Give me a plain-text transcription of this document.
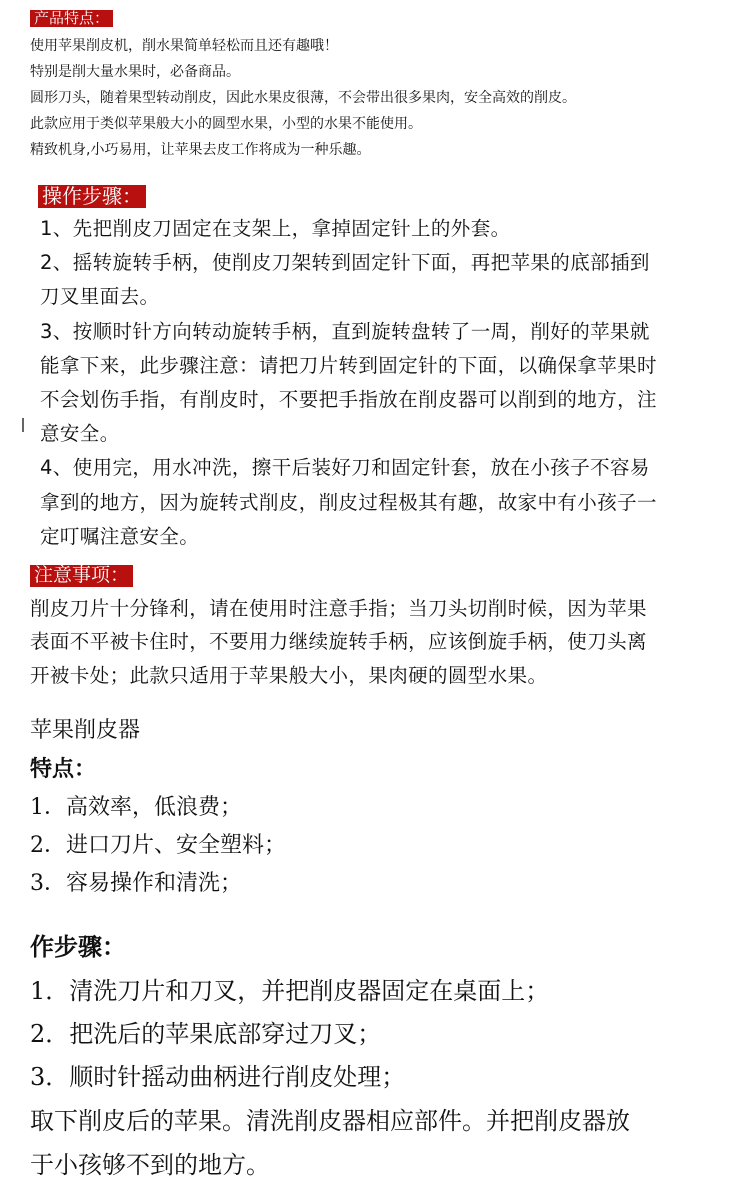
产品特点：
使用苹果削皮机，削水果简单轻松而且还有趣哦！
特别是削大量水果时，必备商品。
圆形刀头，随着果型转动削皮，因此水果皮很薄，不会带出很多果肉，安全高效的削皮。
此款应用于类似苹果般大小的圆型水果，小型的水果不能使用。
精致机身,小巧易用，让苹果去皮工作将成为一种乐趣。
操作步骤：
1、先把削皮刀固定在支架上，拿掉固定针上的外套。
2、摇转旋转手柄，使削皮刀架转到固定针下面，再把苹果的底部插到
刀叉里面去。
3、按顺时针方向转动旋转手柄，直到旋转盘转了一周，削好的苹果就
能拿下来，此步骤注意：请把刀片转到固定针的下面，以确保拿苹果时
不会划伤手指，有削皮时，不要把手指放在削皮器可以削到的地方，注
意安全。
4、使用完，用水冲洗，擦干后装好刀和固定针套，放在小孩子不容易
拿到的地方，因为旋转式削皮，削皮过程极其有趣，故家中有小孩子一
定叮嘱注意安全。
注意事项：
削皮刀片十分锋利，请在使用时注意手指；当刀头切削时候，因为苹果
表面不平被卡住时，不要用力继续旋转手柄，应该倒旋手柄，使刀头离
开被卡处；此款只适用于苹果般大小，果肉硬的圆型水果。
苹果削皮器
特点：
1．高效率，低浪费；
2．进口刀片、安全塑料；
3．容易操作和清洗；
作步骤：
1．清洗刀片和刀叉，并把削皮器固定在桌面上；
2．把洗后的苹果底部穿过刀叉；
3．顺时针摇动曲柄进行削皮处理；
取下削皮后的苹果。清洗削皮器相应部件。并把削皮器放
于小孩够不到的地方。
